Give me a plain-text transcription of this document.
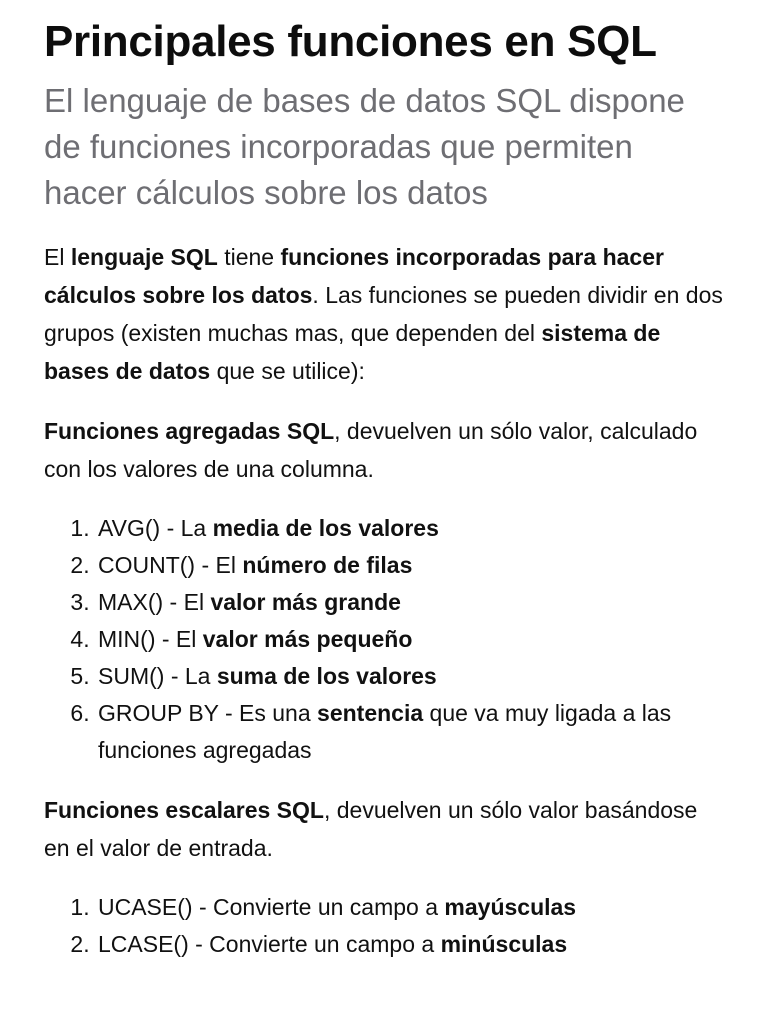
Principales funciones en SQL
El lenguaje de bases de datos SQL dispone de funciones incorporadas que permiten hacer cálculos sobre los datos

El lenguaje SQL tiene funciones incorporadas para hacer cálculos sobre los datos. Las funciones se pueden dividir en dos grupos (existen muchas mas, que dependen del sistema de bases de datos que se utilice):

Funciones agregadas SQL, devuelven un sólo valor, calculado con los valores de una columna.

1. AVG() - La media de los valores
2. COUNT() - El número de filas
3. MAX() - El valor más grande
4. MIN() - El valor más pequeño
5. SUM() - La suma de los valores
6. GROUP BY - Es una sentencia que va muy ligada a las funciones agregadas

Funciones escalares SQL, devuelven un sólo valor basándose en el valor de entrada.

1. UCASE() - Convierte un campo a mayúsculas
2. LCASE() - Convierte un campo a minúsculas
